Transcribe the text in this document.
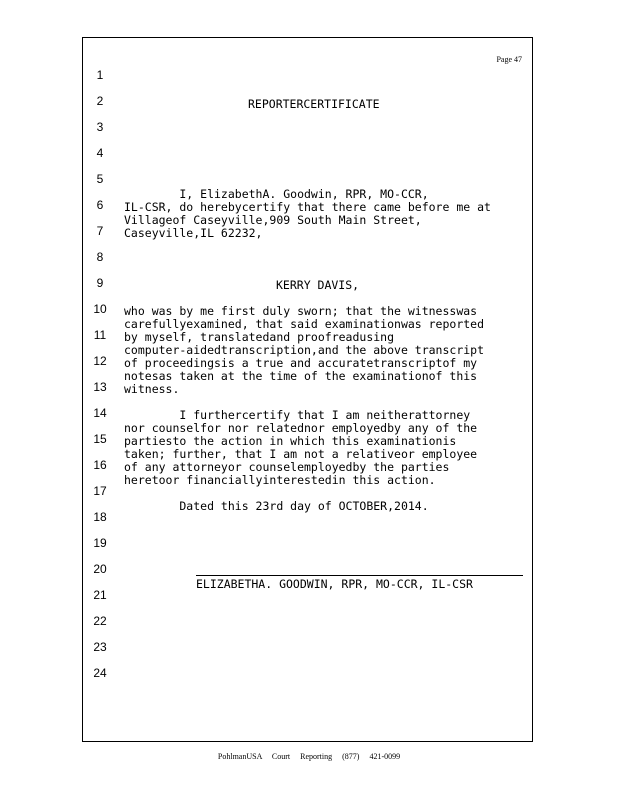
Page 47
1
2
3
4
5
6
7
8
9
10
11
12
13
14
15
16
17
18
19
20
21
22
23
24
REPORTERCERTIFICATE
I, ElizabethA. Goodwin, RPR, MO-CCR,
IL-CSR, do herebycertify that there came before me at
Villageof Caseyville,909 South Main Street,
Caseyville,IL 62232,
KERRY DAVIS,
who was by me first duly sworn; that the witnesswas
carefullyexamined, that said examinationwas reported
by myself, translatedand proofreadusing
computer-aidedtranscription,and the above transcript
of proceedingsis a true and accuratetranscriptof my
notesas taken at the time of the examinationof this
witness.
I furthercertify that I am neitherattorney
nor counselfor nor relatednor employedby any of the
partiesto the action in which this examinationis
taken; further, that I am not a relativeor employee
of any attorneyor counselemployedby the parties
heretoor financiallyinterestedin this action.
Dated this 23rd day of OCTOBER,2014.
ELIZABETHA. GOODWIN, RPR, MO-CCR, IL-CSR
PohlmanUSA Court Reporting (877) 421-0099
